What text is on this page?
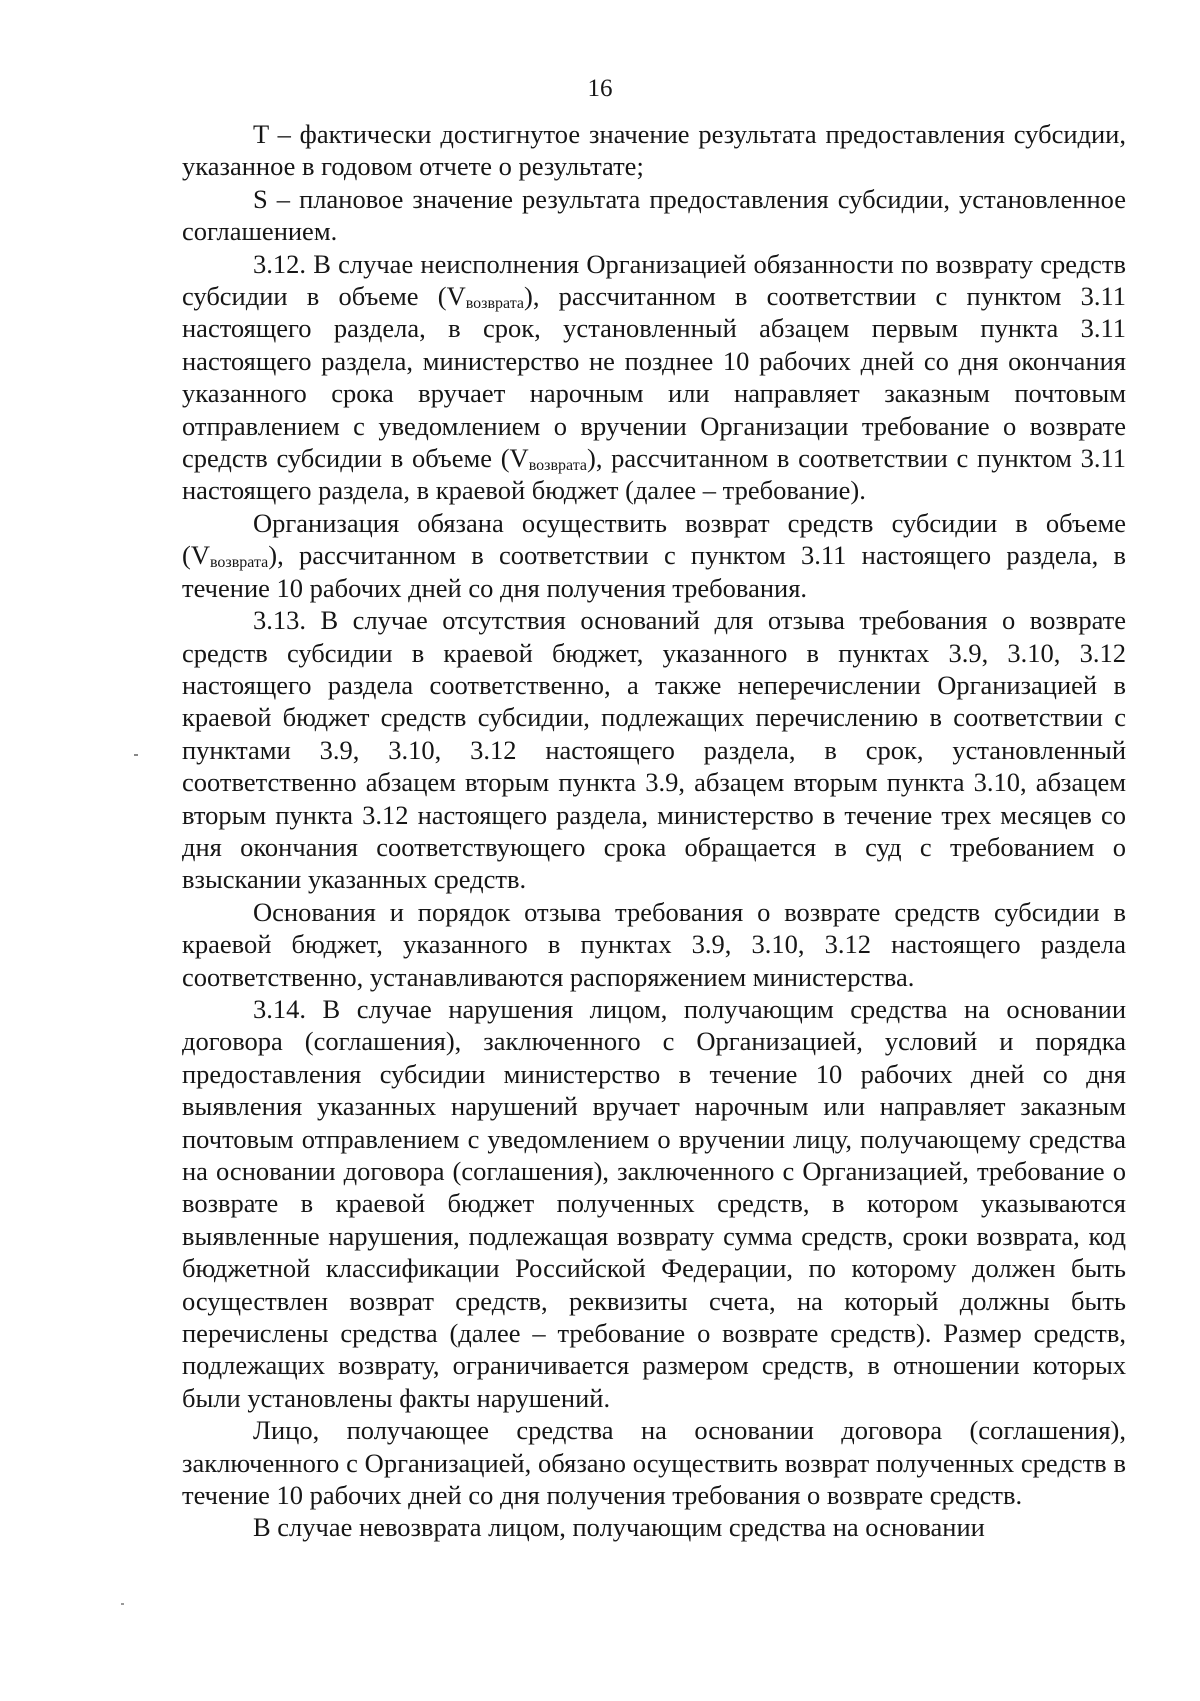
16

T – фактически достигнутое значение результата предоставления субсидии, указанное в годовом отчете о результате;

S – плановое значение результата предоставления субсидии, установленное соглашением.

3.12. В случае неисполнения Организацией обязанности по возврату средств субсидии в объеме (Vвозврата), рассчитанном в соответствии с пунктом 3.11 настоящего раздела, в срок, установленный абзацем первым пункта 3.11 настоящего раздела, министерство не позднее 10 рабочих дней со дня окончания указанного срока вручает нарочным или направляет заказным почтовым отправлением с уведомлением о вручении Организации требование о возврате средств субсидии в объеме (Vвозврата), рассчитанном в соответствии с пунктом 3.11 настоящего раздела, в краевой бюджет (далее – требование).

Организация обязана осуществить возврат средств субсидии в объеме (Vвозврата), рассчитанном в соответствии с пунктом 3.11 настоящего раздела, в течение 10 рабочих дней со дня получения требования.

3.13. В случае отсутствия оснований для отзыва требования о возврате средств субсидии в краевой бюджет, указанного в пунктах 3.9, 3.10, 3.12 настоящего раздела соответственно, а также неперечислении Организацией в краевой бюджет средств субсидии, подлежащих перечислению в соответствии с пунктами 3.9, 3.10, 3.12 настоящего раздела, в срок, установленный соответственно абзацем вторым пункта 3.9, абзацем вторым пункта 3.10, абзацем вторым пункта 3.12 настоящего раздела, министерство в течение трех месяцев со дня окончания соответствующего срока обращается в суд с требованием о взыскании указанных средств.

Основания и порядок отзыва требования о возврате средств субсидии в краевой бюджет, указанного в пунктах 3.9, 3.10, 3.12 настоящего раздела соответственно, устанавливаются распоряжением министерства.

3.14. В случае нарушения лицом, получающим средства на основании договора (соглашения), заключенного с Организацией, условий и порядка предоставления субсидии министерство в течение 10 рабочих дней со дня выявления указанных нарушений вручает нарочным или направляет заказным почтовым отправлением с уведомлением о вручении лицу, получающему средства на основании договора (соглашения), заключенного с Организацией, требование о возврате в краевой бюджет полученных средств, в котором указываются выявленные нарушения, подлежащая возврату сумма средств, сроки возврата, код бюджетной классификации Российской Федерации, по которому должен быть осуществлен возврат средств, реквизиты счета, на который должны быть перечислены средства (далее – требование о возврате средств). Размер средств, подлежащих возврату, ограничивается размером средств, в отношении которых были установлены факты нарушений.

Лицо, получающее средства на основании договора (соглашения), заключенного с Организацией, обязано осуществить возврат полученных средств в течение 10 рабочих дней со дня получения требования о возврате средств.

В случае невозврата лицом, получающим средства на основании
